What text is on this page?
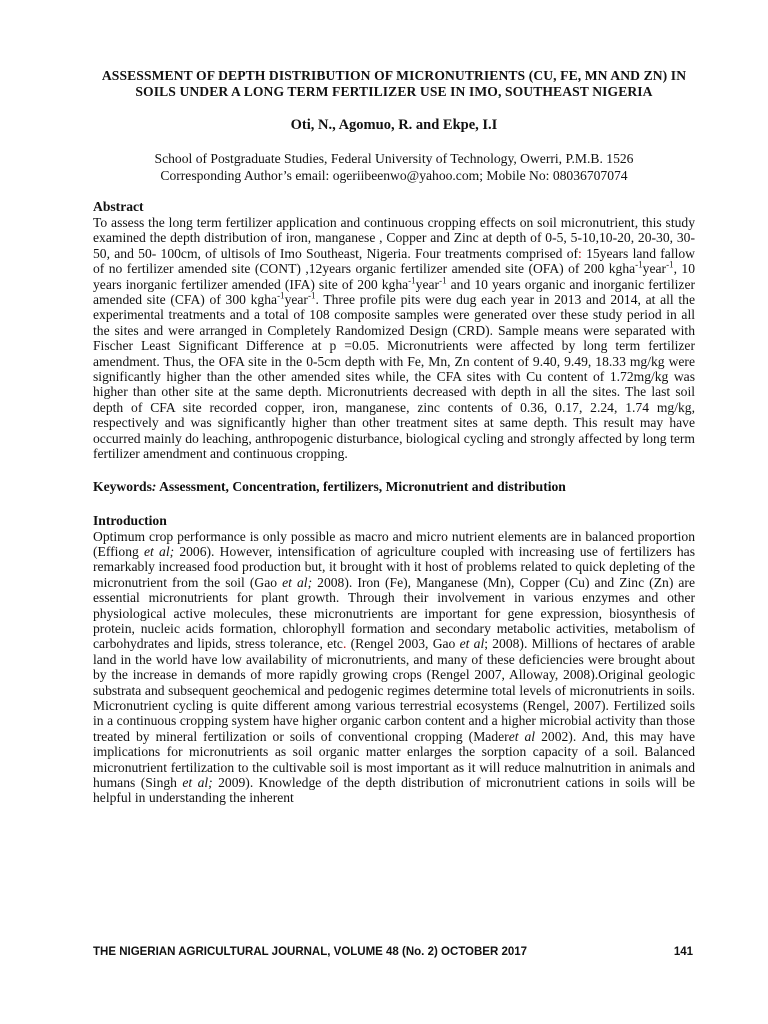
ASSESSMENT OF DEPTH DISTRIBUTION OF MICRONUTRIENTS (CU, FE, MN AND ZN) IN SOILS UNDER A LONG TERM FERTILIZER USE IN IMO, SOUTHEAST NIGERIA

Oti, N., Agomuo, R. and Ekpe, I.I

School of Postgraduate Studies, Federal University of Technology, Owerri, P.M.B. 1526
Corresponding Author’s email: ogeriibeenwo@yahoo.com; Mobile No: 08036707074
Abstract

To assess the long term fertilizer application and continuous cropping effects on soil micronutrient, this study examined the depth distribution of iron, manganese , Copper and Zinc at depth of 0-5, 5-10,10-20, 20-30, 30- 50, and 50- 100cm, of ultisols of Imo Southeast, Nigeria. Four treatments comprised of: 15years land fallow of no fertilizer amended site (CONT) ,12years organic fertilizer amended site (OFA) of 200 kgha$^{-1}$year$^{-1}$, 10 years inorganic fertilizer amended (IFA) site of 200 kgha$^{-1}$year$^{-1}$ and 10 years organic and inorganic fertilizer amended site (CFA) of 300 kgha$^{-1}$year$^{-1}$. Three profile pits were dug each year in 2013 and 2014, at all the experimental treatments and a total of 108 composite samples were generated over these study period in all the sites and were arranged in Completely Randomized Design (CRD). Sample means were separated with Fischer Least Significant Difference at p =0.05. Micronutrients were affected by long term fertilizer amendment. Thus, the OFA site in the 0-5cm depth with Fe, Mn, Zn content of 9.40, 9.49, 18.33 mg/kg were significantly higher than the other amended sites while, the CFA sites with Cu content of 1.72mg/kg was higher than other site at the same depth. Micronutrients decreased with depth in all the sites. The last soil depth of CFA site recorded copper, iron, manganese, zinc contents of 0.36, 0.17, 2.24, 1.74 mg/kg, respectively and was significantly higher than other treatment sites at same depth. This result may have occurred mainly do leaching, anthropogenic disturbance, biological cycling and strongly affected by long term fertilizer amendment and continuous cropping.

Keywords: Assessment, Concentration, fertilizers, Micronutrient and distribution
Introduction

Optimum crop performance is only possible as macro and micro nutrient elements are in balanced proportion (Effiong et al; 2006). However, intensification of agriculture coupled with increasing use of fertilizers has remarkably increased food production but, it brought with it host of problems related to quick depleting of the micronutrient from the soil (Gao et al; 2008). Iron (Fe), Manganese (Mn), Copper (Cu) and Zinc (Zn) are essential micronutrients for plant growth. Through their involvement in various enzymes and other physiological active molecules, these micronutrients are important for gene expression, biosynthesis of protein, nucleic acids formation, chlorophyll formation and secondary metabolic activities, metabolism of carbohydrates and lipids, stress tolerance, etc. (Rengel 2003, Gao et al; 2008). Millions of hectares of arable land in the world have low availability of micronutrients, and many of these deficiencies were brought about by the increase in demands of more rapidly growing crops (Rengel 2007, Alloway, 2008).Original geologic substrata and subsequent geochemical and pedogenic regimes determine total levels of micronutrients in soils. Micronutrient cycling is quite different among various terrestrial ecosystems (Rengel, 2007). Fertilized soils in a continuous cropping system have higher organic carbon content and a higher microbial activity than those treated by mineral fertilization or soils of conventional cropping (Maderet al 2002). And, this may have implications for micronutrients as soil organic matter enlarges the sorption capacity of a soil. Balanced micronutrient fertilization to the cultivable soil is most important as it will reduce malnutrition in animals and humans (Singh et al; 2009). Knowledge of the depth distribution of micronutrient cations in soils will be helpful in understanding the inherent

THE NIGERIAN AGRICULTURAL JOURNAL, VOLUME 48 (No. 2) OCTOBER 2017	141
